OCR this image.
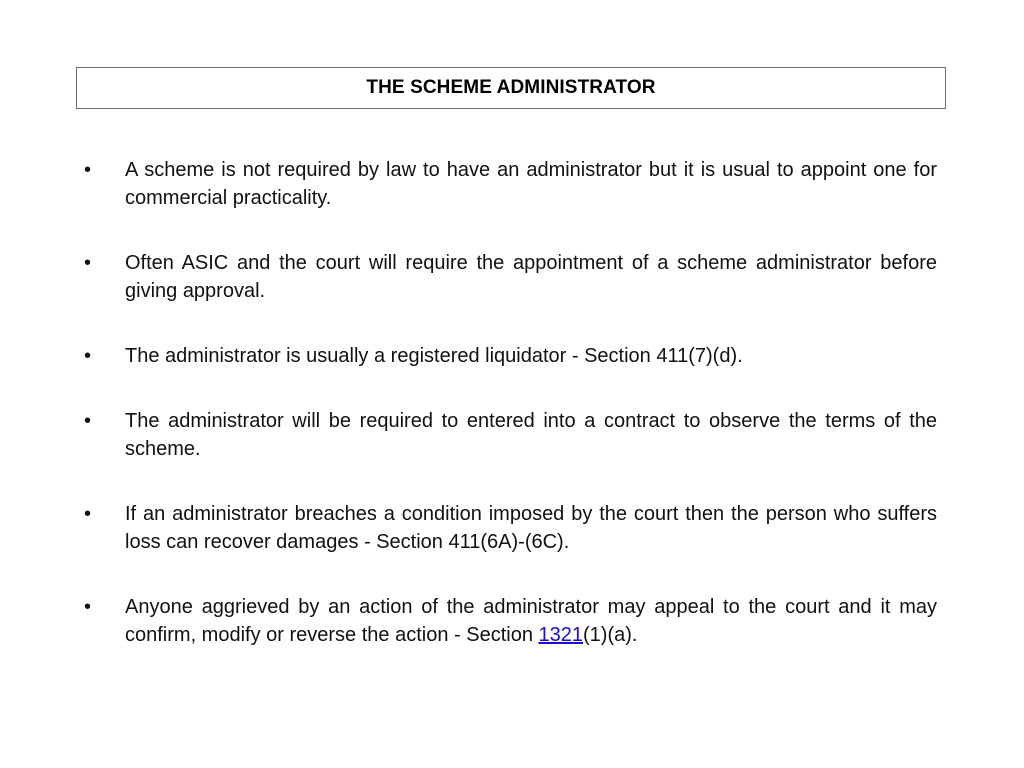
THE SCHEME ADMINISTRATOR
•	A scheme is not required by law to have an administrator but it is usual to appoint one for commercial practicality.
•	Often ASIC and the court will require the appointment of a scheme administrator before giving approval.
•	The administrator is usually a registered liquidator - Section 411(7)(d).
•	The administrator will be required to entered into a contract to observe the terms of the scheme.
•	If an administrator breaches a condition imposed by the court then the person who suffers loss can recover damages - Section 411(6A)-(6C).
•	Anyone aggrieved by an action of the administrator may appeal to the court and it may confirm, modify or reverse the action - Section 1321(1)(a).
